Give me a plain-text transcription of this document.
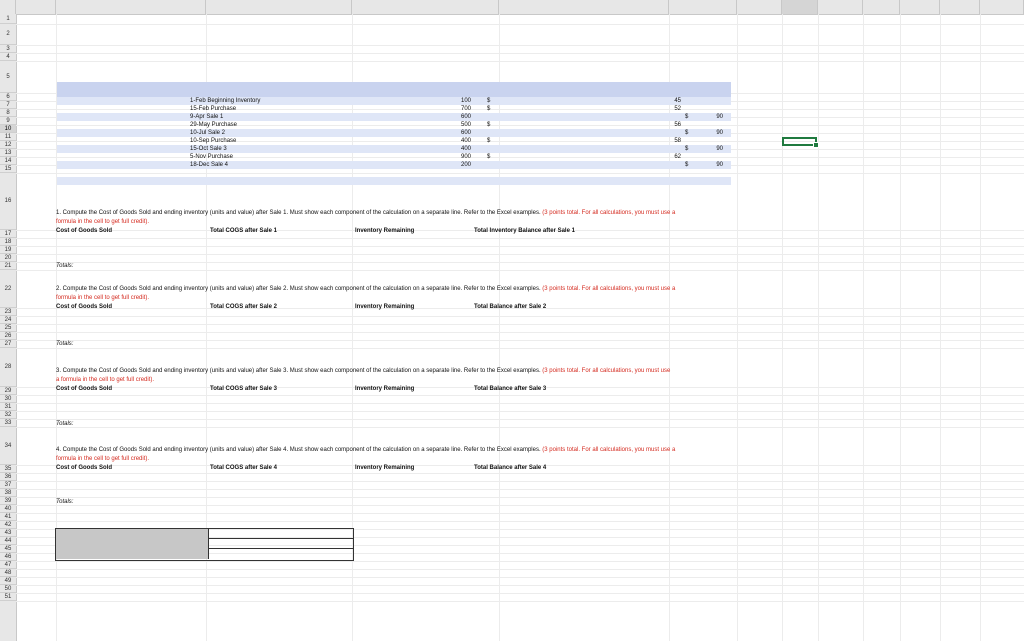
1
2
3
4
5
6
7
8
9
10
11
12
13
14
15
16
17
18
19
20
21
22
23
24
25
26
27
28
29
30
31
32
33
34
35
36
37
38
39
40
41
42
43
44
45
46
47
48
49
50
51
1-Feb Beginning Inventory	100	$	45
15-Feb Purchase	700	$	52
9-Apr Sale 1	600	$	90
29-May Purchase	500	$	56
10-Jul Sale 2	600	$	90
10-Sep Purchase	400	$	58
15-Oct Sale 3	400	$	90
5-Nov Purchase	900	$	62
18-Dec Sale 4	200	$	90
1. Compute the Cost of Goods Sold and ending inventory (units and value) after Sale 1. Must show each component of the calculation on a separate line. Refer to the Excel examples. (3 points total. For all calculations, you must use a
formula in the cell to get full credit).
Cost of Goods Sold	Total COGS after Sale 1	Inventory Remaining	Total Inventory Balance after Sale 1
Totals:
2. Compute the Cost of Goods Sold and ending inventory (units and value) after Sale 2. Must show each component of the calculation on a separate line. Refer to the Excel examples. (3 points total. For all calculations, you must use a
formula in the cell to get full credit).
Cost of Goods Sold	Total COGS after Sale 2	Inventory Remaining	Total Balance after Sale 2
Totals:
3. Compute the Cost of Goods Sold and ending inventory (units and value) after Sale 3. Must show each component of the calculation on a separate line. Refer to the Excel examples. (3 points total. For all calculations, you must use
a formula in the cell to get full credit).
Cost of Goods Sold	Total COGS after Sale 3	Inventory Remaining	Total Balance after Sale 3
Totals:
4. Compute the Cost of Goods Sold and ending inventory (units and value) after Sale 4. Must show each component of the calculation on a separate line. Refer to the Excel examples. (3 points total. For all calculations, you must use a
formula in the cell to get full credit).
Cost of Goods Sold	Total COGS after Sale 4	Inventory Remaining	Total Balance after Sale 4
Totals:
